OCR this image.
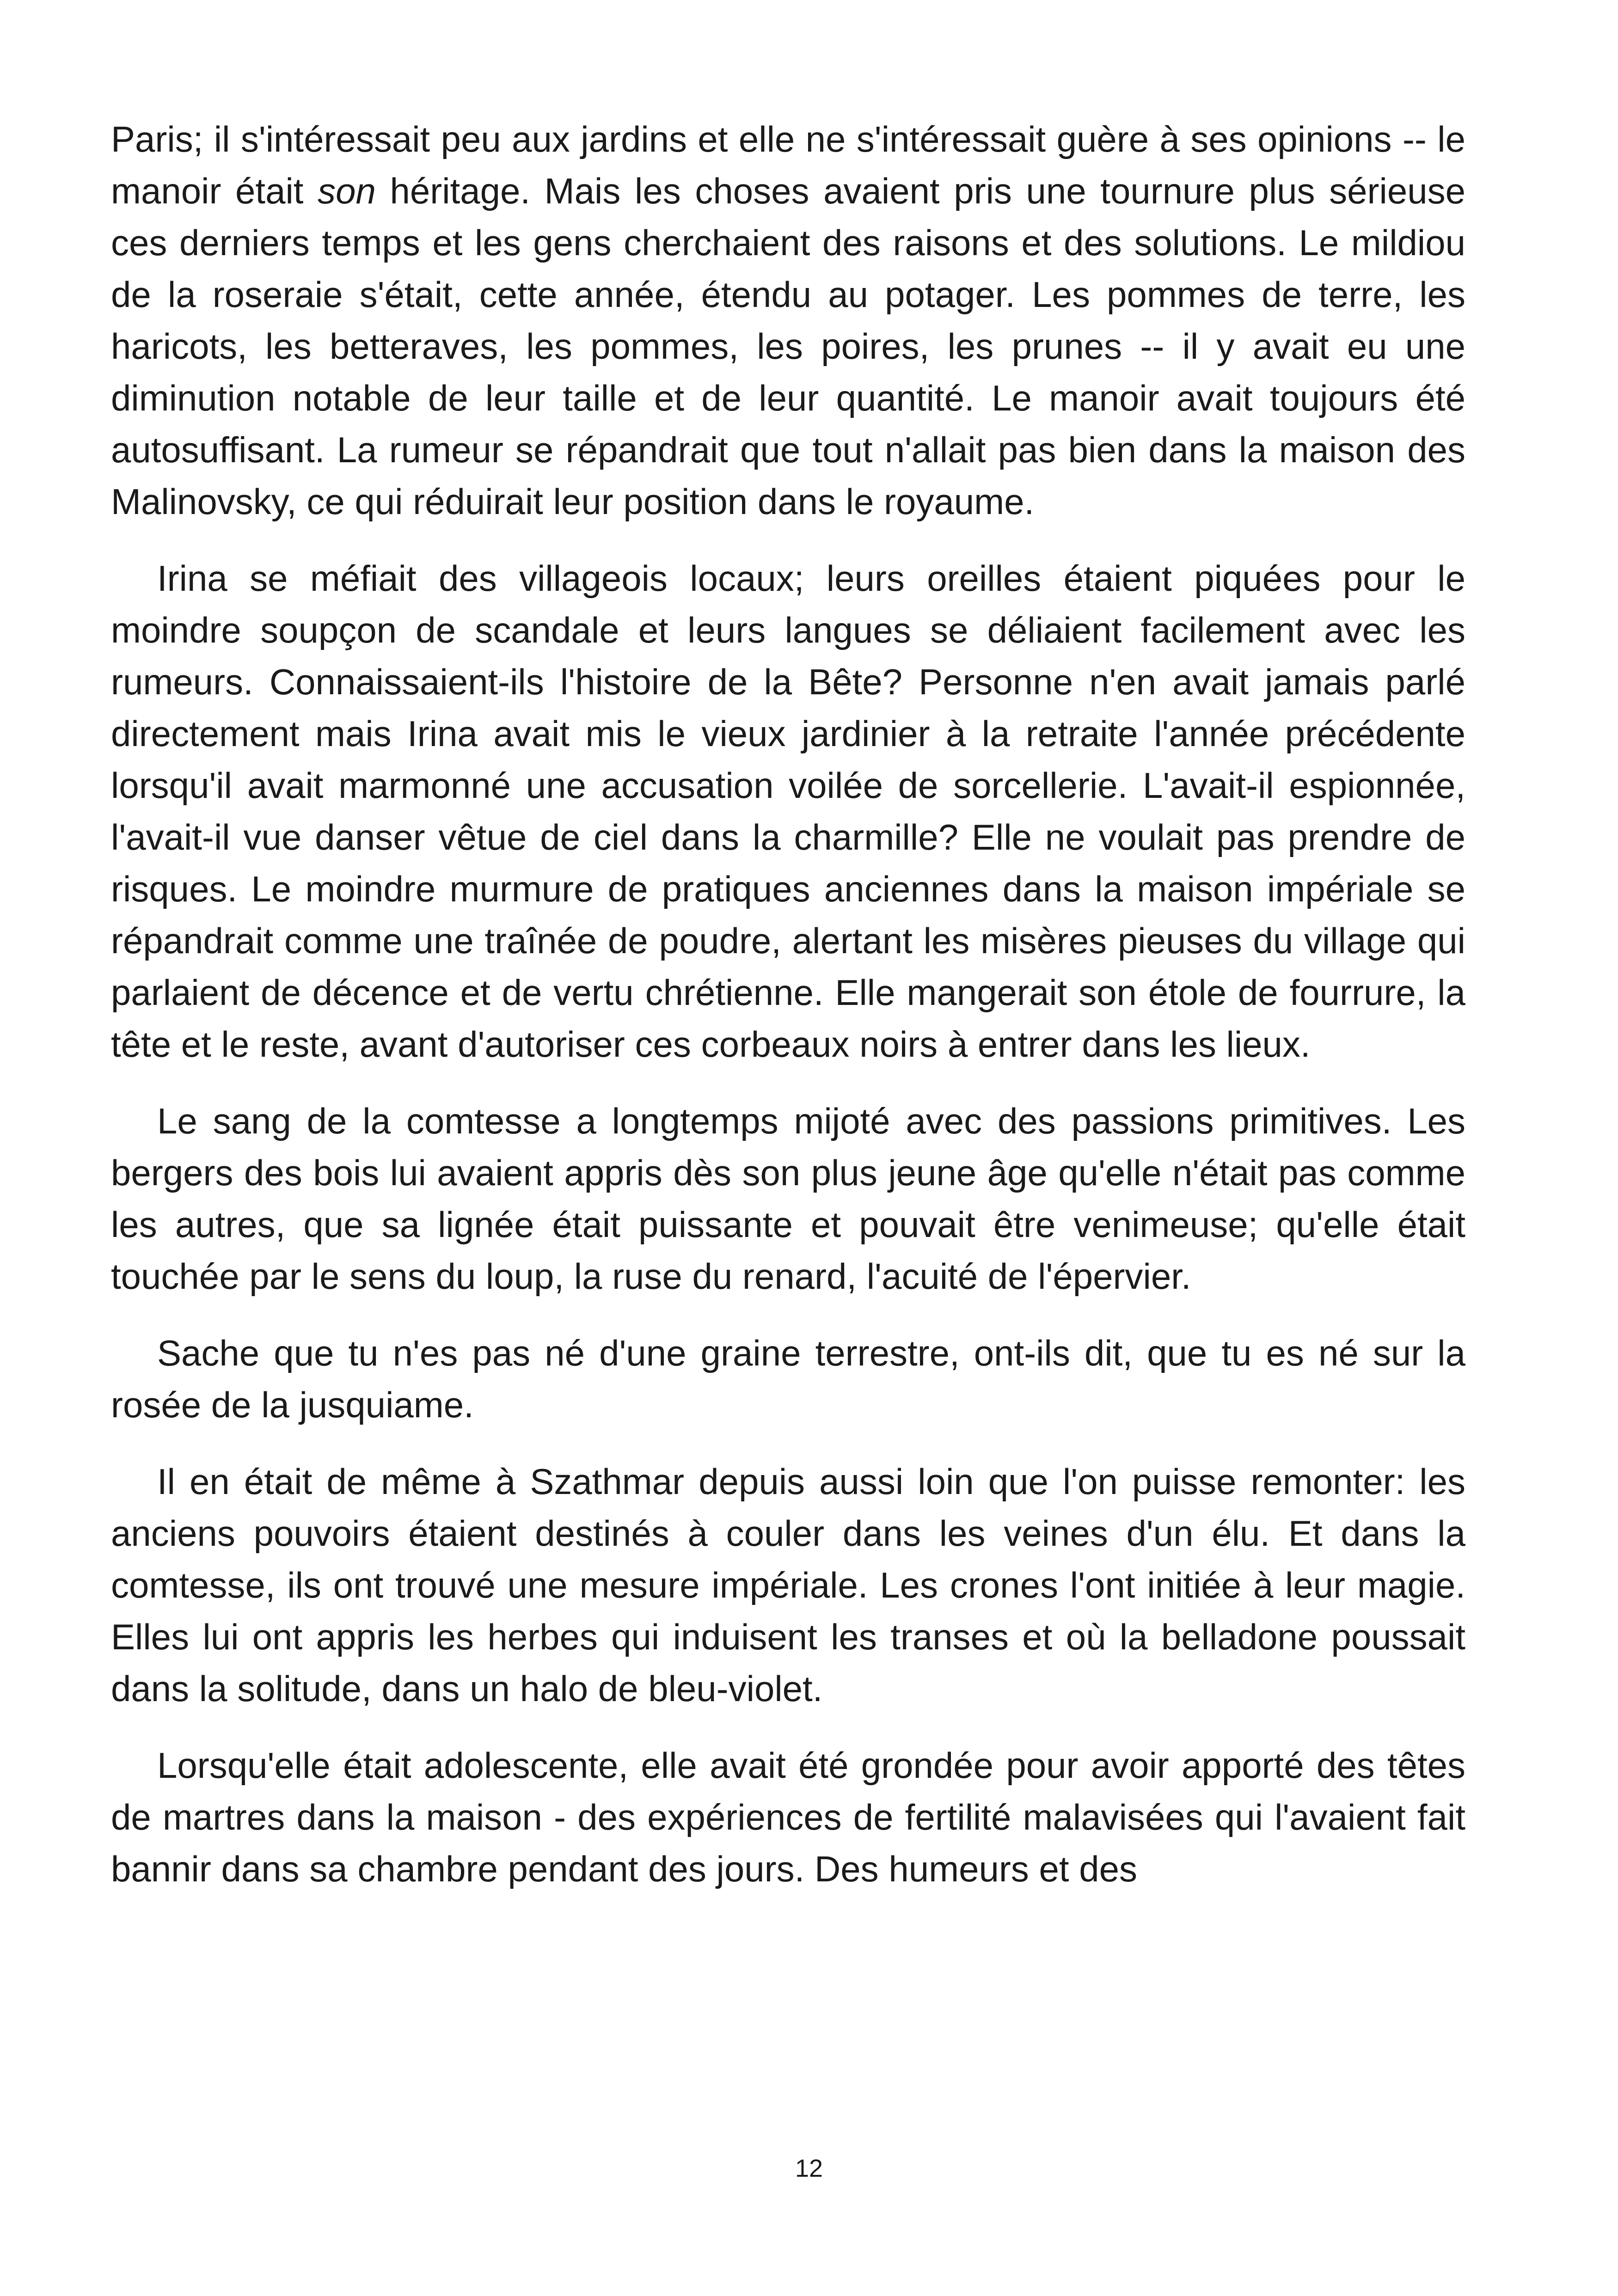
Paris; il s'intéressait peu aux jardins et elle ne s'intéressait guère à ses opinions -- le manoir était son héritage. Mais les choses avaient pris une tournure plus sérieuse ces derniers temps et les gens cherchaient des raisons et des solutions. Le mildiou de la roseraie s'était, cette année, étendu au potager. Les pommes de terre, les haricots, les betteraves, les pommes, les poires, les prunes -- il y avait eu une diminution notable de leur taille et de leur quantité. Le manoir avait toujours été autosuffisant. La rumeur se répandrait que tout n'allait pas bien dans la maison des Malinovsky, ce qui réduirait leur position dans le royaume.

Irina se méfiait des villageois locaux; leurs oreilles étaient piquées pour le moindre soupçon de scandale et leurs langues se déliaient facilement avec les rumeurs. Connaissaient-ils l'histoire de la Bête? Personne n'en avait jamais parlé directement mais Irina avait mis le vieux jardinier à la retraite l'année précédente lorsqu'il avait marmonné une accusation voilée de sorcellerie. L'avait-il espionnée, l'avait-il vue danser vêtue de ciel dans la charmille? Elle ne voulait pas prendre de risques. Le moindre murmure de pratiques anciennes dans la maison impériale se répandrait comme une traînée de poudre, alertant les misères pieuses du village qui parlaient de décence et de vertu chrétienne. Elle mangerait son étole de fourrure, la tête et le reste, avant d'autoriser ces corbeaux noirs à entrer dans les lieux.

Le sang de la comtesse a longtemps mijoté avec des passions primitives. Les bergers des bois lui avaient appris dès son plus jeune âge qu'elle n'était pas comme les autres, que sa lignée était puissante et pouvait être venimeuse; qu'elle était touchée par le sens du loup, la ruse du renard, l'acuité de l'épervier.

Sache que tu n'es pas né d'une graine terrestre, ont-ils dit, que tu es né sur la rosée de la jusquiame.

Il en était de même à Szathmar depuis aussi loin que l'on puisse remonter: les anciens pouvoirs étaient destinés à couler dans les veines d'un élu. Et dans la comtesse, ils ont trouvé une mesure impériale. Les crones l'ont initiée à leur magie. Elles lui ont appris les herbes qui induisent les transes et où la belladone poussait dans la solitude, dans un halo de bleu-violet.

Lorsqu'elle était adolescente, elle avait été grondée pour avoir apporté des têtes de martres dans la maison - des expériences de fertilité malavisées qui l'avaient fait bannir dans sa chambre pendant des jours. Des humeurs et des

12
